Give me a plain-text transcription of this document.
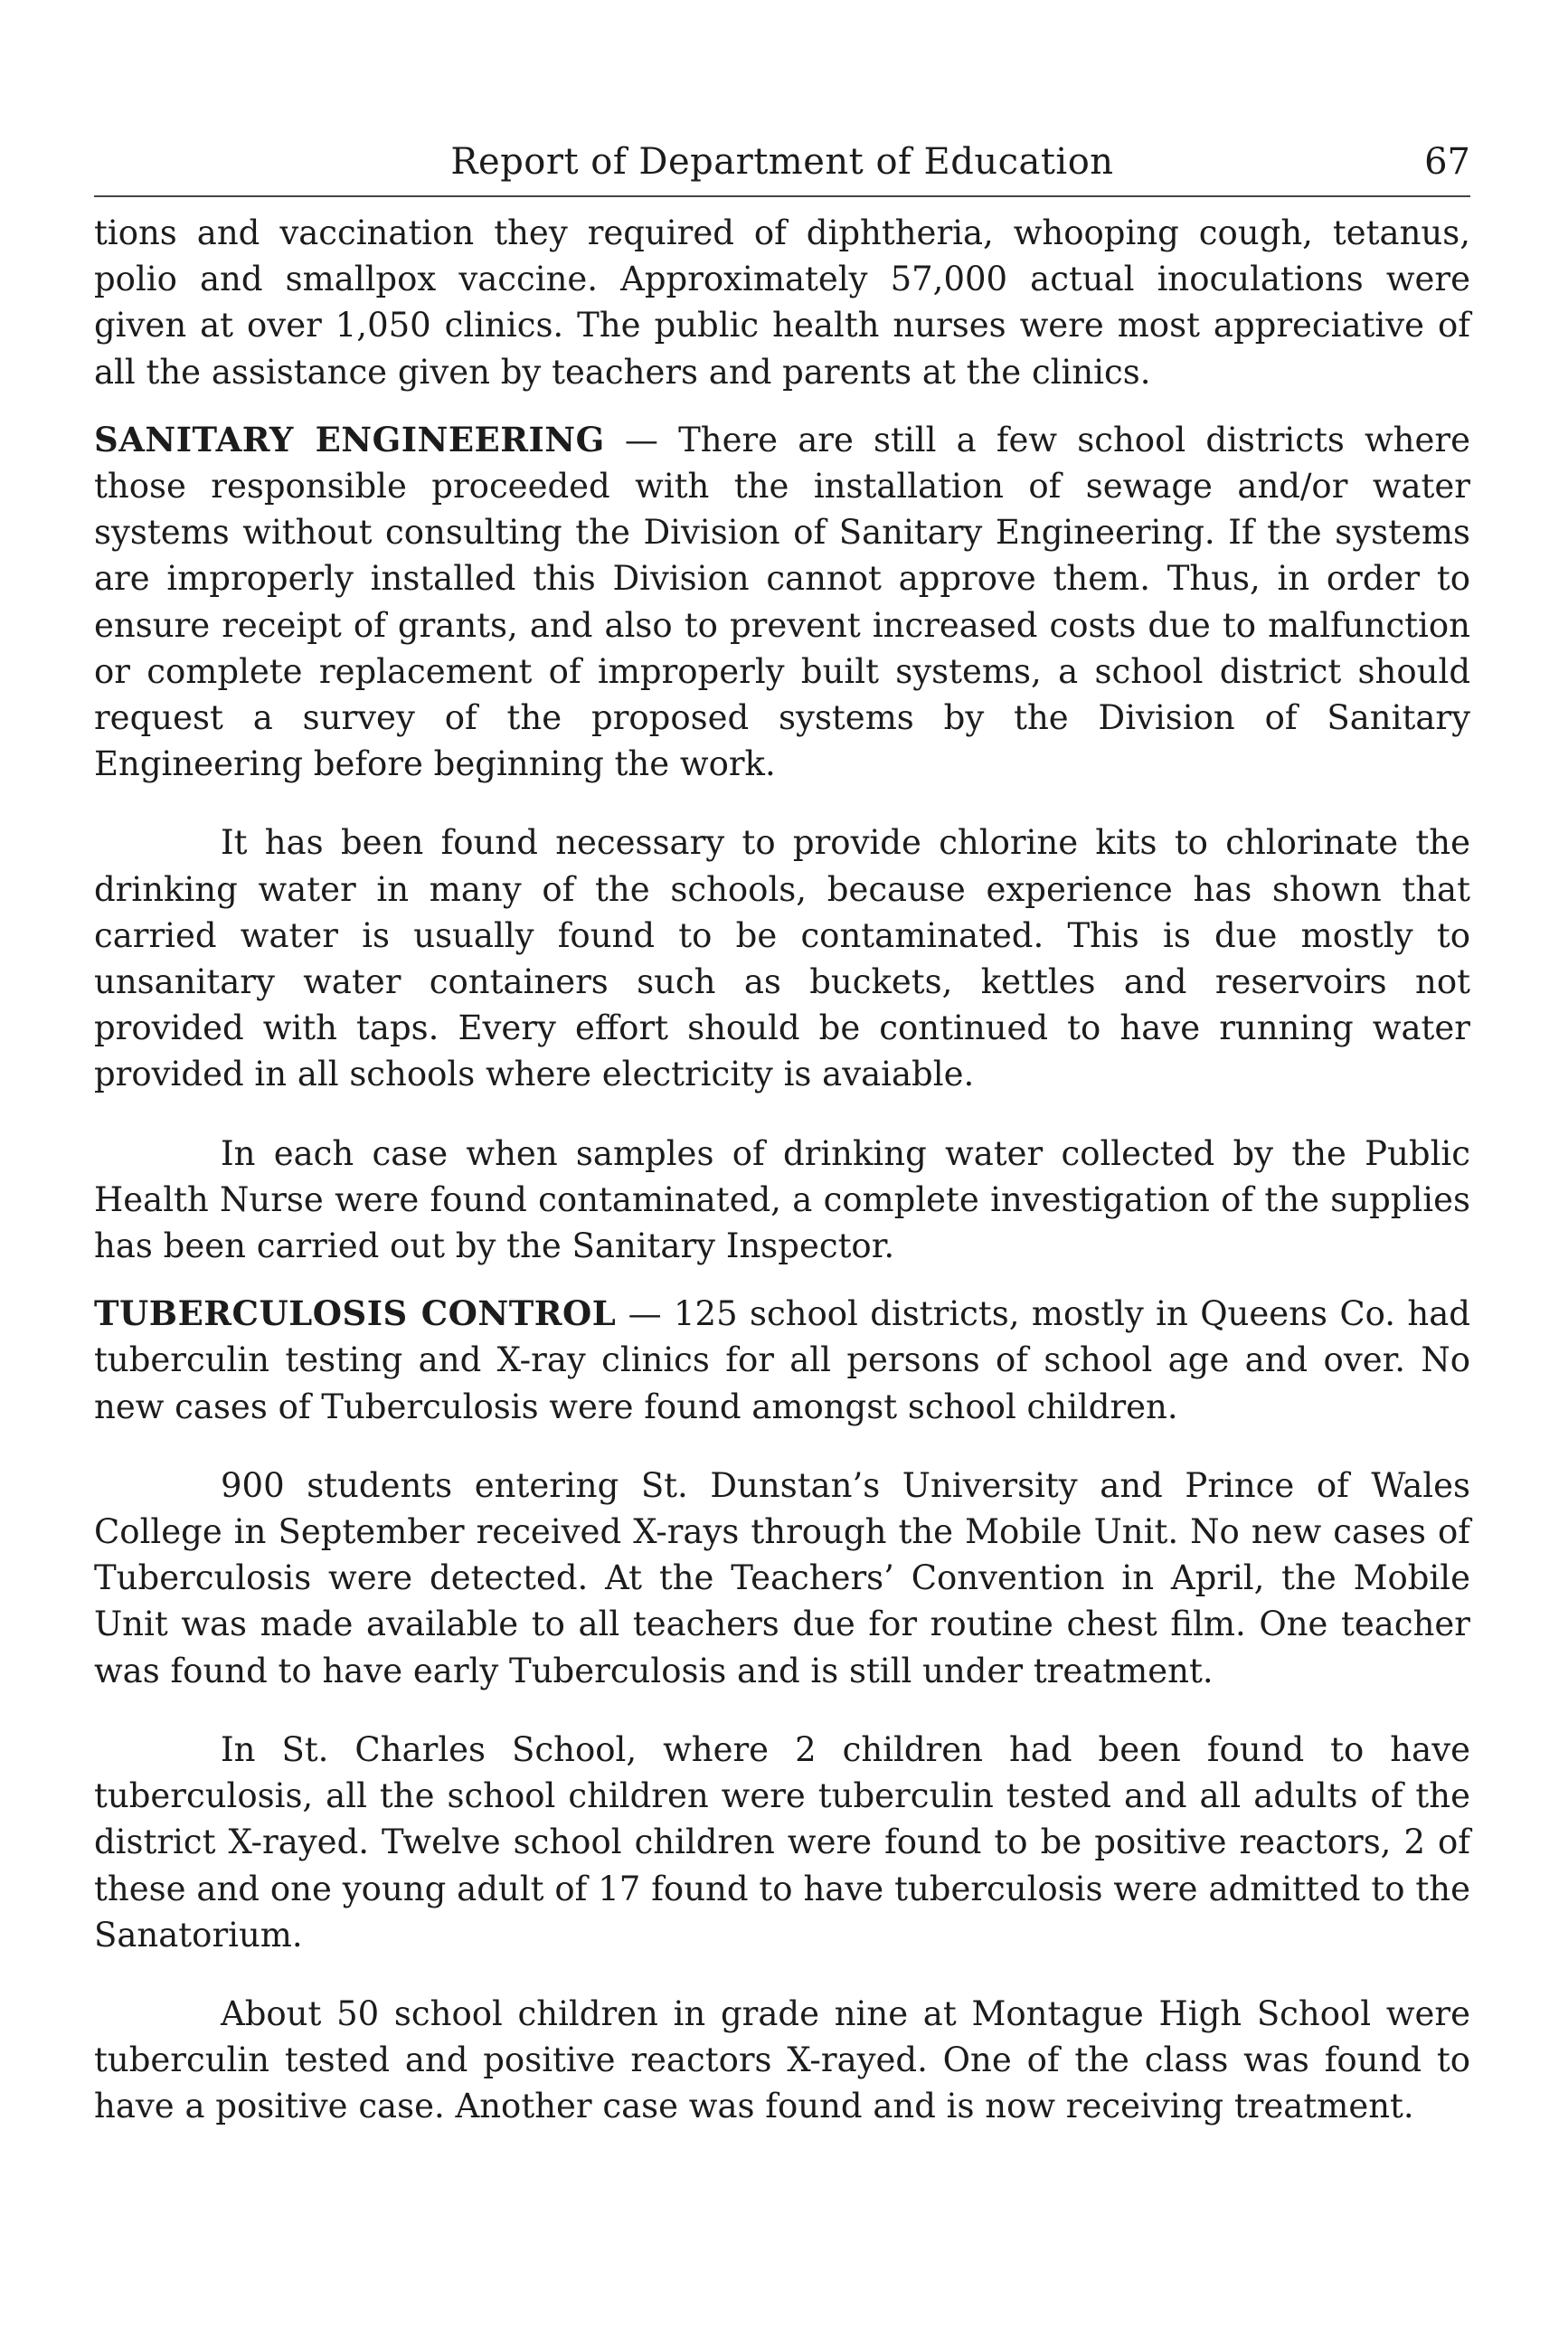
Report of Department of Education	67

tions and vaccination they required of diphtheria, whooping cough, tetanus, polio and smallpox vaccine. Approximately 57,000 actual inoculations were given at over 1,050 clinics. The public health nurses were most appreciative of all the assistance given by teachers and parents at the clinics.

SANITARY ENGINEERING — There are still a few school districts where those responsible proceeded with the installation of sewage and/or water systems without consulting the Division of Sanitary Engineering. If the systems are improperly installed this Division cannot approve them. Thus, in order to ensure receipt of grants, and also to prevent increased costs due to malfunction or complete replacement of improperly built systems, a school district should request a survey of the proposed systems by the Division of Sanitary Engineering before beginning the work.

It has been found necessary to provide chlorine kits to chlorinate the drinking water in many of the schools, because experience has shown that carried water is usually found to be contaminated. This is due mostly to unsanitary water containers such as buckets, kettles and reservoirs not provided with taps. Every effort should be continued to have running water provided in all schools where electricity is avaiable.

In each case when samples of drinking water collected by the Public Health Nurse were found contaminated, a complete investigation of the supplies has been carried out by the Sanitary Inspector.

TUBERCULOSIS CONTROL — 125 school districts, mostly in Queens Co. had tuberculin testing and X-ray clinics for all persons of school age and over. No new cases of Tuberculosis were found amongst school children.

900 students entering St. Dunstan’s University and Prince of Wales College in September received X-rays through the Mobile Unit. No new cases of Tuberculosis were detected. At the Teachers’ Convention in April, the Mobile Unit was made available to all teachers due for routine chest film. One teacher was found to have early Tuberculosis and is still under treatment.

In St. Charles School, where 2 children had been found to have tuberculosis, all the school children were tuberculin tested and all adults of the district X-rayed. Twelve school children were found to be positive reactors, 2 of these and one young adult of 17 found to have tuberculosis were admitted to the Sanatorium.

About 50 school children in grade nine at Montague High School were tuberculin tested and positive reactors X-rayed. One of the class was found to have a positive case. Another case was found and is now receiving treatment.
